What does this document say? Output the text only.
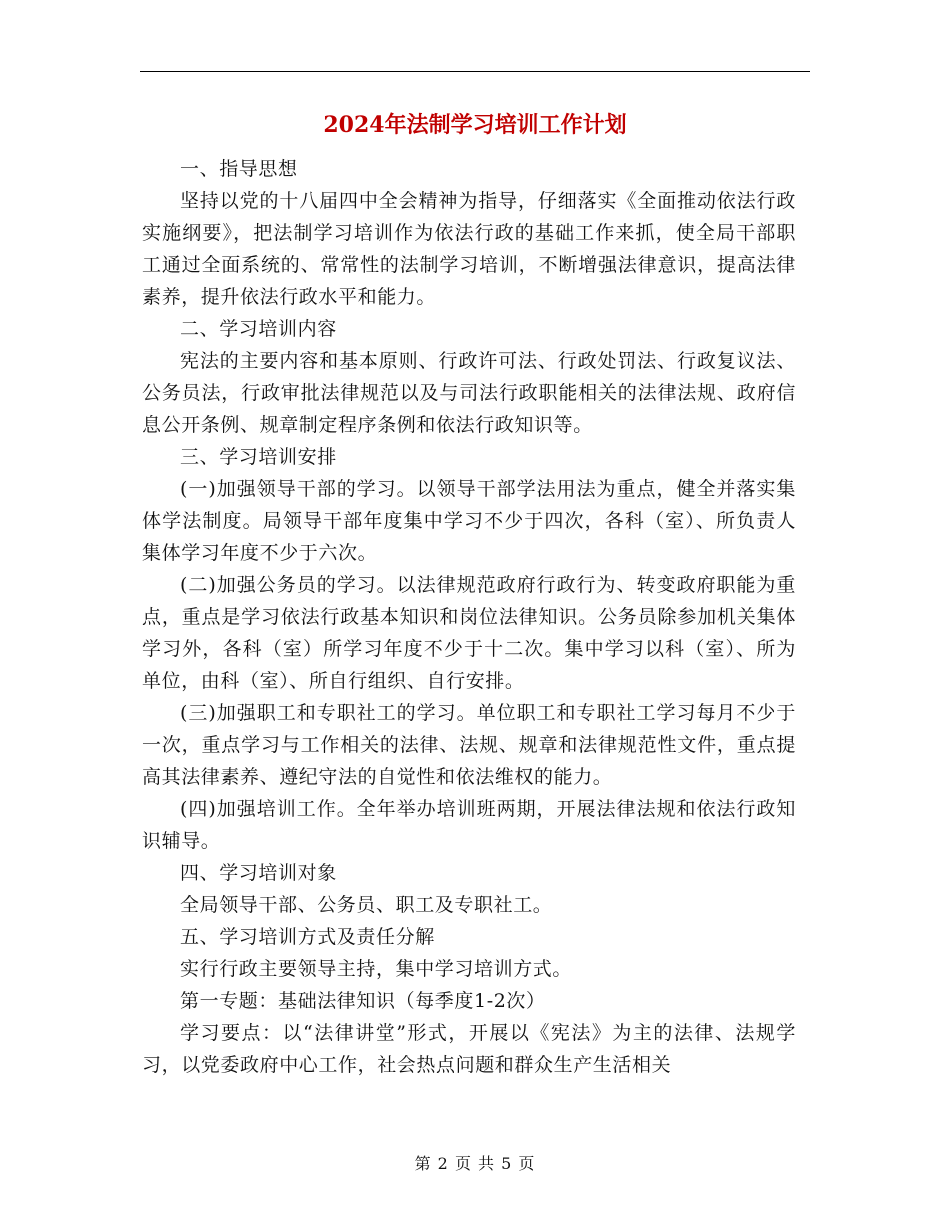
2024年法制学习培训工作计划

一、指导思想

坚持以党的十八届四中全会精神为指导，仔细落实《全面推动依法行政实施纲要》，把法制学习培训作为依法行政的基础工作来抓，使全局干部职工通过全面系统的、常常性的法制学习培训，不断增强法律意识，提高法律素养，提升依法行政水平和能力。

二、学习培训内容

宪法的主要内容和基本原则、行政许可法、行政处罚法、行政复议法、公务员法，行政审批法律规范以及与司法行政职能相关的法律法规、政府信息公开条例、规章制定程序条例和依法行政知识等。

三、学习培训安排

(一)加强领导干部的学习。以领导干部学法用法为重点，健全并落实集体学法制度。局领导干部年度集中学习不少于四次，各科（室）、所负责人集体学习年度不少于六次。

(二)加强公务员的学习。以法律规范政府行政行为、转变政府职能为重点，重点是学习依法行政基本知识和岗位法律知识。公务员除参加机关集体学习外，各科（室）所学习年度不少于十二次。集中学习以科（室）、所为单位，由科（室）、所自行组织、自行安排。

(三)加强职工和专职社工的学习。单位职工和专职社工学习每月不少于一次，重点学习与工作相关的法律、法规、规章和法律规范性文件，重点提高其法律素养、遵纪守法的自觉性和依法维权的能力。

(四)加强培训工作。全年举办培训班两期，开展法律法规和依法行政知识辅导。

四、学习培训对象

全局领导干部、公务员、职工及专职社工。

五、学习培训方式及责任分解

实行行政主要领导主持，集中学习培训方式。

第一专题：基础法律知识（每季度1-2次）

学习要点：以“法律讲堂”形式，开展以《宪法》为主的法律、法规学习，以党委政府中心工作，社会热点问题和群众生产生活相关

第 2 页 共 5 页
